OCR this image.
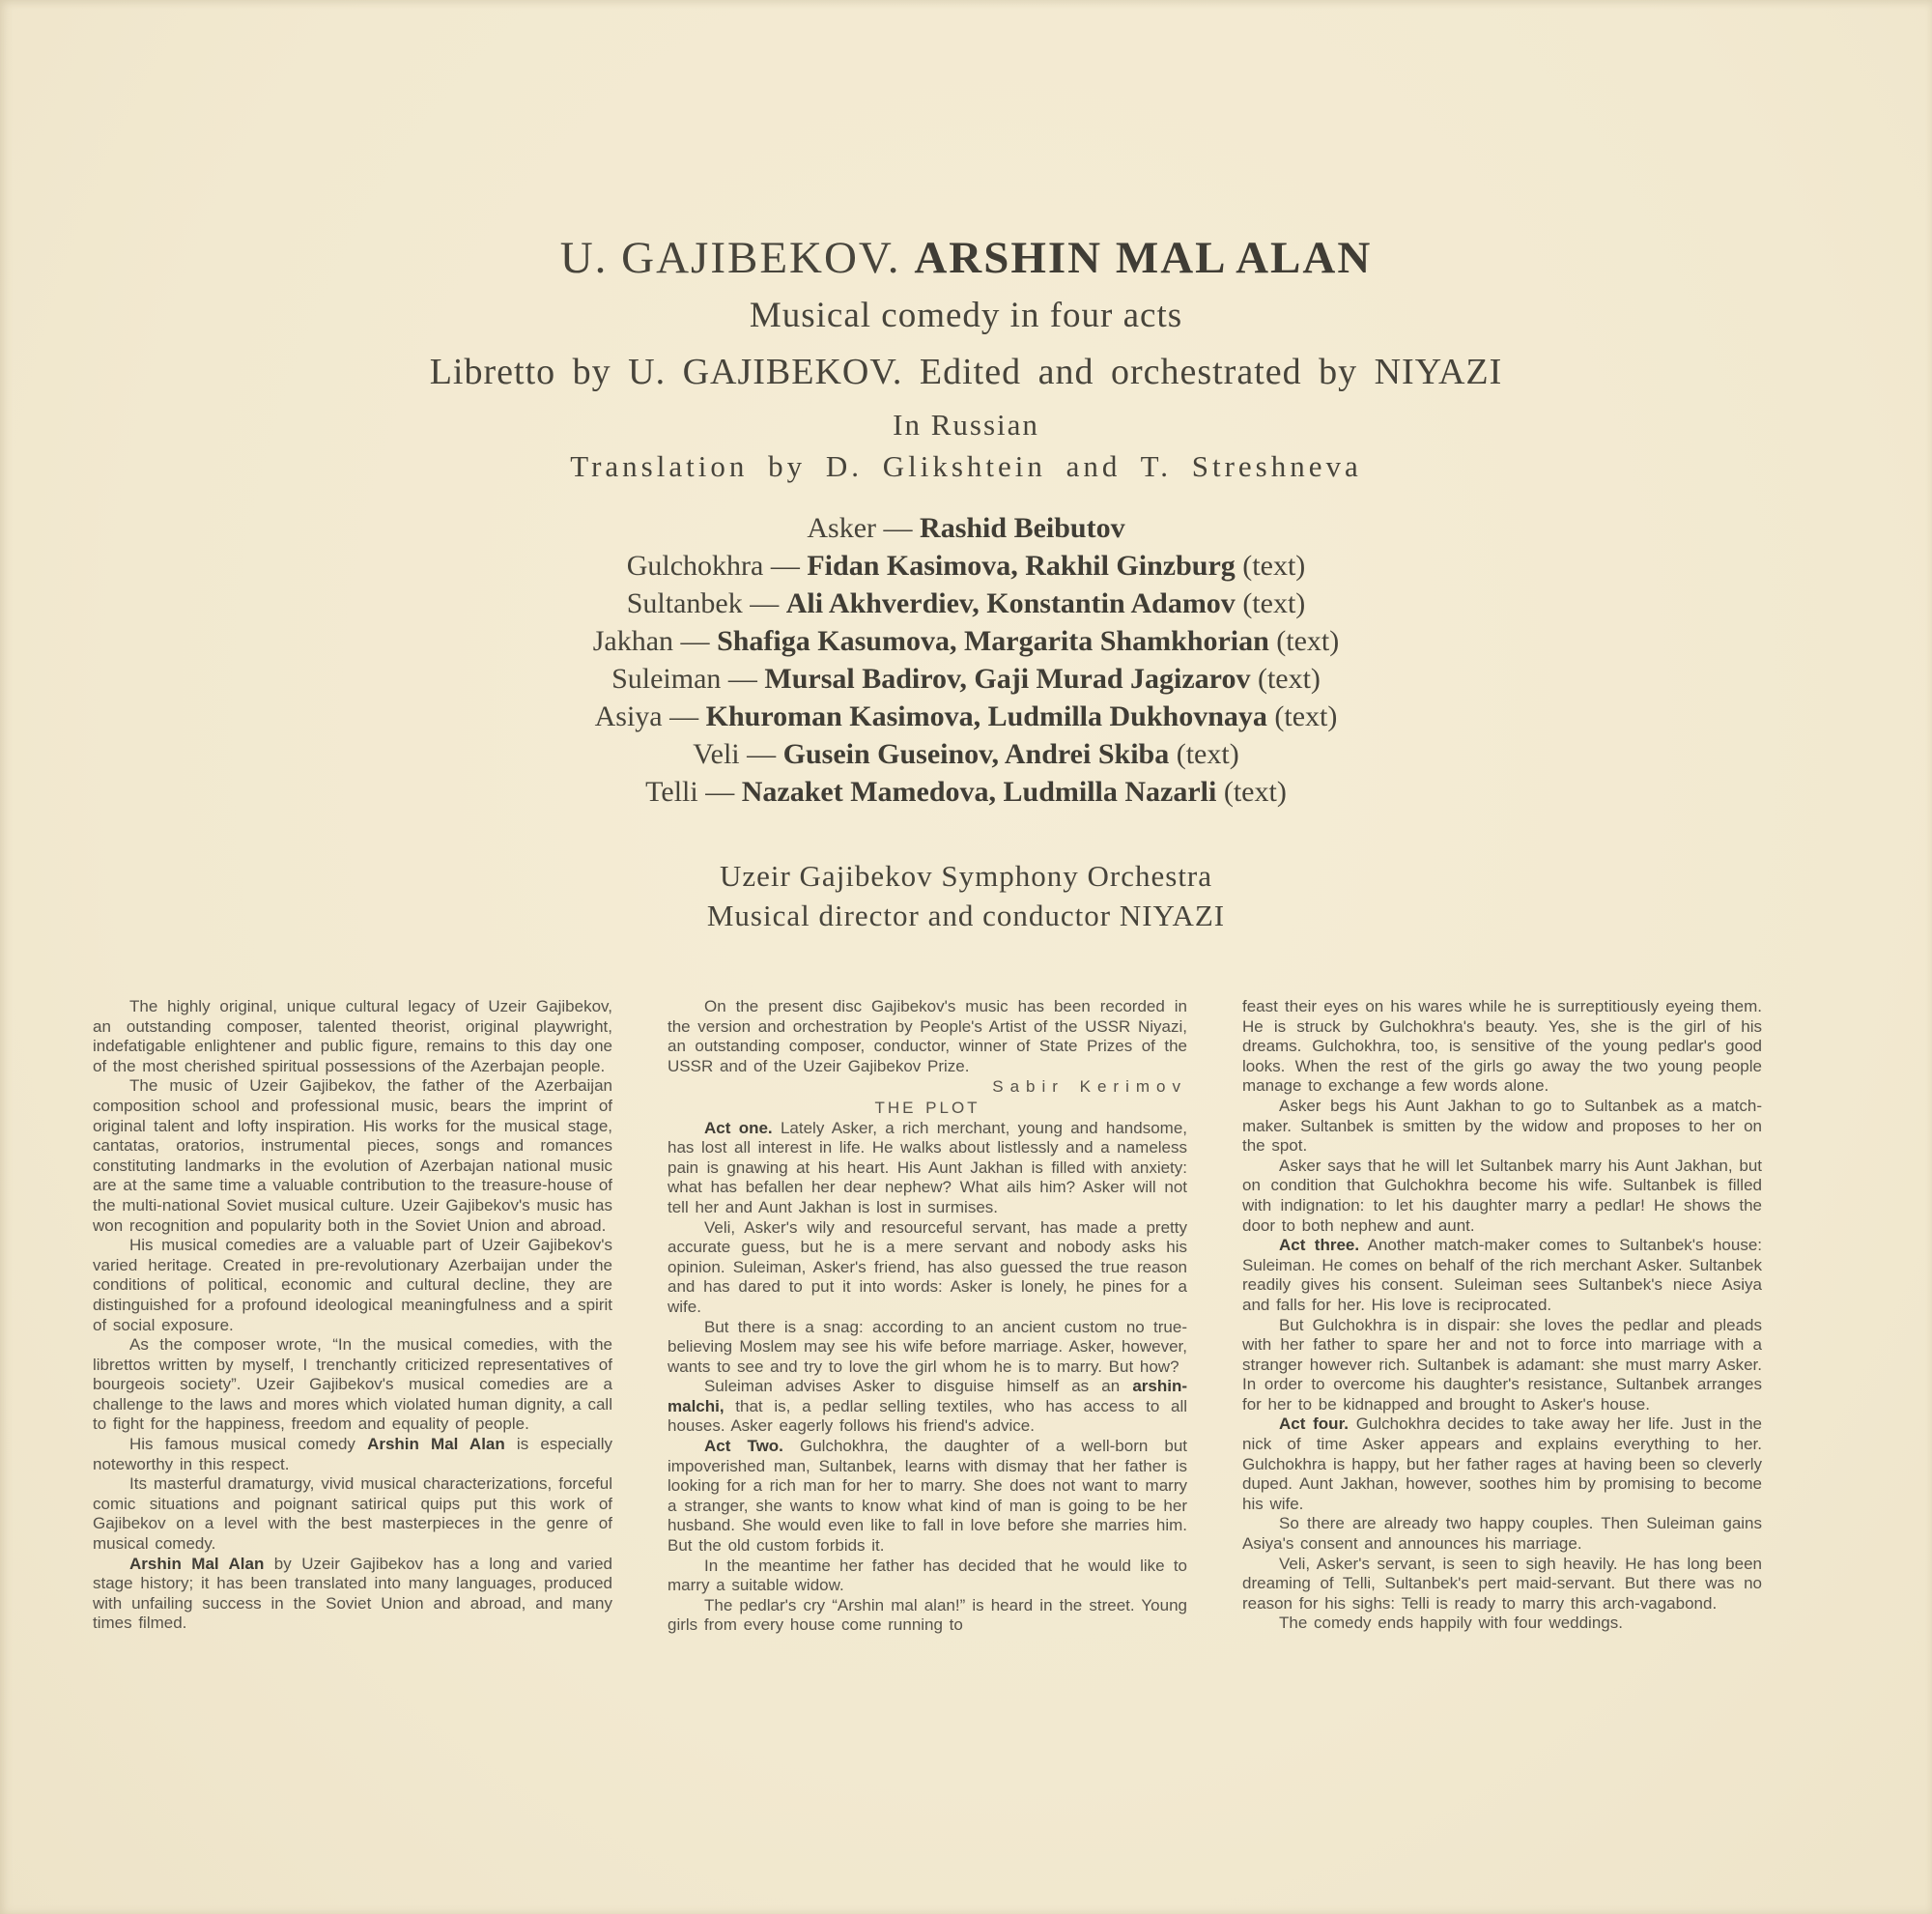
U. GAJIBEKOV. ARSHIN MAL ALAN
Musical comedy in four acts
Libretto by U. GAJIBEKOV. Edited and orchestrated by NIYAZI
In Russian
Translation by D. Glikshtein and T. Streshneva
Asker — Rashid Beibutov
Gulchokhra — Fidan Kasimova, Rakhil Ginzburg (text)
Sultanbek — Ali Akhverdiev, Konstantin Adamov (text)
Jakhan — Shafiga Kasumova, Margarita Shamkhorian (text)
Suleiman — Mursal Badirov, Gaji Murad Jagizarov (text)
Asiya — Khuroman Kasimova, Ludmilla Dukhovnaya (text)
Veli — Gusein Guseinov, Andrei Skiba (text)
Telli — Nazaket Mamedova, Ludmilla Nazarli (text)
Uzeir Gajibekov Symphony Orchestra
Musical director and conductor NIYAZI

The highly original, unique cultural legacy of Uzeir Gajibekov, an outstanding composer, talented theorist, original playwright, indefatigable enlightener and public figure, remains to this day one of the most cherished spiritual possessions of the Azerbajan people.

The music of Uzeir Gajibekov, the father of the Azerbaijan composition school and professional music, bears the imprint of original talent and lofty inspiration. His works for the musical stage, cantatas, oratorios, instrumental pieces, songs and romances constituting landmarks in the evolution of Azerbajan national music are at the same time a valuable contribution to the treasure-house of the multi-national Soviet musical culture. Uzeir Gajibekov's music has won recognition and popularity both in the Soviet Union and abroad.

His musical comedies are a valuable part of Uzeir Gajibekov's varied heritage. Created in pre-revolutionary Azerbaijan under the conditions of political, economic and cultural decline, they are distinguished for a profound ideological meaningfulness and a spirit of social exposure.

As the composer wrote, “In the musical comedies, with the librettos written by myself, I trenchantly criticized representatives of bourgeois society”. Uzeir Gajibekov's musical comedies are a challenge to the laws and mores which violated human dignity, a call to fight for the happiness, freedom and equality of people.

His famous musical comedy Arshin Mal Alan is especially noteworthy in this respect.

Its masterful dramaturgy, vivid musical characterizations, forceful comic situations and poignant satirical quips put this work of Gajibekov on a level with the best masterpieces in the genre of musical comedy.

Arshin Mal Alan by Uzeir Gajibekov has a long and varied stage history; it has been translated into many languages, produced with unfailing success in the Soviet Union and abroad, and many times filmed.

On the present disc Gajibekov's music has been recorded in the version and orchestration by People's Artist of the USSR Niyazi, an outstanding composer, conductor, winner of State Prizes of the USSR and of the Uzeir Gajibekov Prize.

Sabir Kerimov

THE PLOT

Act one. Lately Asker, a rich merchant, young and handsome, has lost all interest in life. He walks about listlessly and a nameless pain is gnawing at his heart. His Aunt Jakhan is filled with anxiety: what has befallen her dear nephew? What ails him? Asker will not tell her and Aunt Jakhan is lost in surmises.

Veli, Asker's wily and resourceful servant, has made a pretty accurate guess, but he is a mere servant and nobody asks his opinion. Suleiman, Asker's friend, has also guessed the true reason and has dared to put it into words: Asker is lonely, he pines for a wife.

But there is a snag: according to an ancient custom no true-believing Moslem may see his wife before marriage. Asker, however, wants to see and try to love the girl whom he is to marry. But how?

Suleiman advises Asker to disguise himself as an arshin-malchi, that is, a pedlar selling textiles, who has access to all houses. Asker eagerly follows his friend's advice.

Act Two. Gulchokhra, the daughter of a well-born but impoverished man, Sultanbek, learns with dismay that her father is looking for a rich man for her to marry. She does not want to marry a stranger, she wants to know what kind of man is going to be her husband. She would even like to fall in love before she marries him. But the old custom forbids it.

In the meantime her father has decided that he would like to marry a suitable widow.

The pedlar's cry “Arshin mal alan!” is heard in the street. Young girls from every house come running to

feast their eyes on his wares while he is surreptitiously eyeing them. He is struck by Gulchokhra's beauty. Yes, she is the girl of his dreams. Gulchokhra, too, is sensitive of the young pedlar's good looks. When the rest of the girls go away the two young people manage to exchange a few words alone.

Asker begs his Aunt Jakhan to go to Sultanbek as a match-maker. Sultanbek is smitten by the widow and proposes to her on the spot.

Asker says that he will let Sultanbek marry his Aunt Jakhan, but on condition that Gulchokhra become his wife. Sultanbek is filled with indignation: to let his daughter marry a pedlar! He shows the door to both nephew and aunt.

Act three. Another match-maker comes to Sultanbek's house: Suleiman. He comes on behalf of the rich merchant Asker. Sultanbek readily gives his consent. Suleiman sees Sultanbek's niece Asiya and falls for her. His love is reciprocated.

But Gulchokhra is in dispair: she loves the pedlar and pleads with her father to spare her and not to force into marriage with a stranger however rich. Sultanbek is adamant: she must marry Asker. In order to overcome his daughter's resistance, Sultanbek arranges for her to be kidnapped and brought to Asker's house.

Act four. Gulchokhra decides to take away her life. Just in the nick of time Asker appears and explains everything to her. Gulchokhra is happy, but her father rages at having been so cleverly duped. Aunt Jakhan, however, soothes him by promising to become his wife.

So there are already two happy couples. Then Suleiman gains Asiya's consent and announces his marriage.

Veli, Asker's servant, is seen to sigh heavily. He has long been dreaming of Telli, Sultanbek's pert maid-servant. But there was no reason for his sighs: Telli is ready to marry this arch-vagabond.

The comedy ends happily with four weddings.
